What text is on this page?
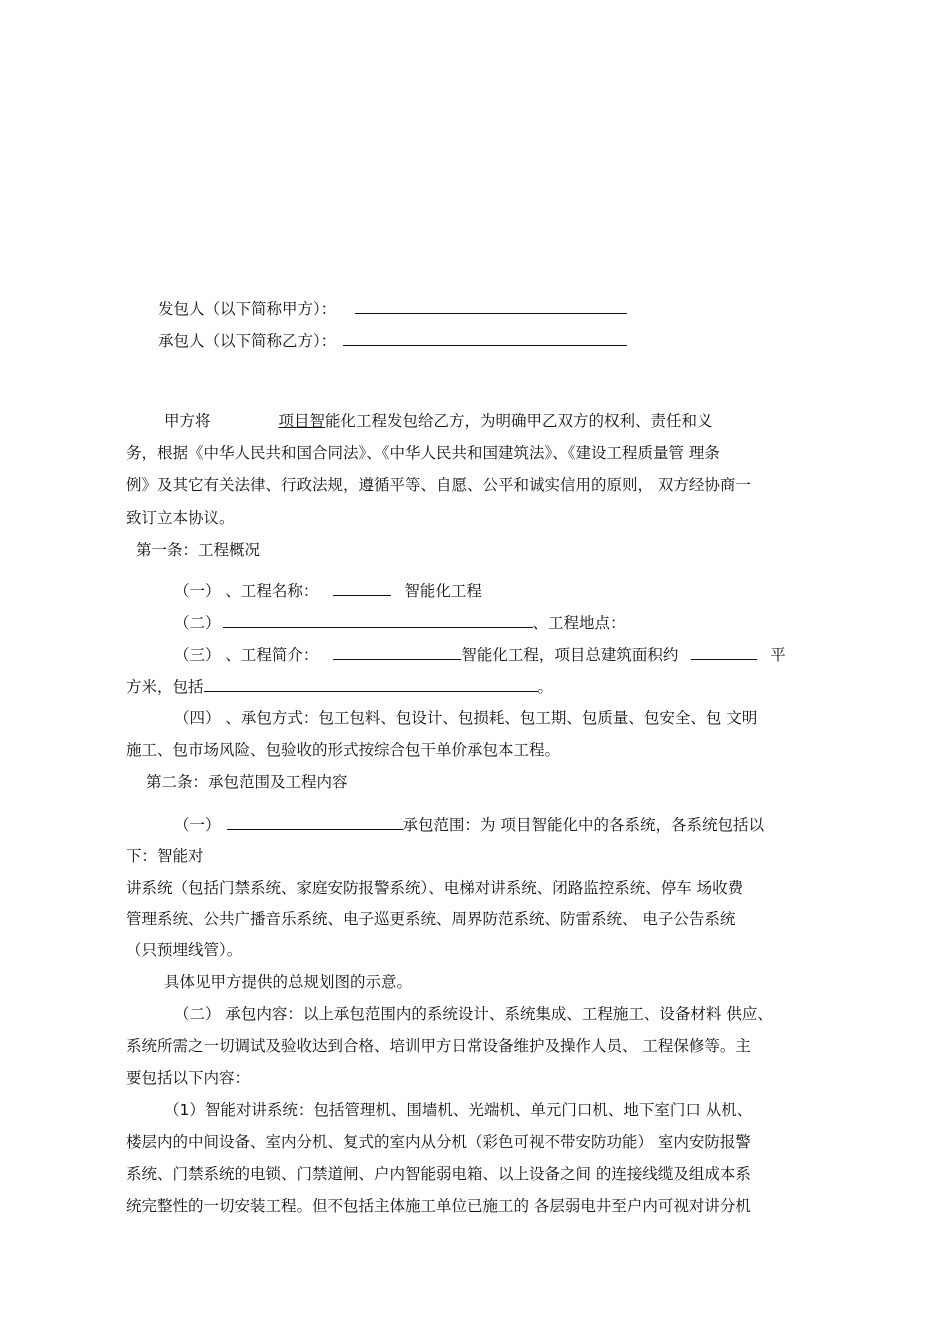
发包人（以下简称甲方）：
承包人（以下简称乙方）：
甲方将	项目智能化工程发包给乙方，为明确甲乙双方的权利、责任和义
务，根据《中华人民共和国合同法》、《中华人民共和国建筑法》、《建设工程质量管 理条
例》及其它有关法律、行政法规，遵循平等、自愿、公平和诚实信用的原则， 双方经协商一
致订立本协议。
第一条：工程概况
（一） 、工程名称：	智能化工程
（二）	、工程地点：
（三） 、工程简介：	智能化工程，项目总建筑面积约	平
方米，包括	。
（四） 、承包方式：包工包料、包设计、包损耗、包工期、包质量、包安全、包 文明
施工、包市场风险、包验收的形式按综合包干单价承包本工程。
第二条：承包范围及工程内容
（一）	承包范围：为 项目智能化中的各系统，各系统包括以
下：智能对
讲系统（包括门禁系统、家庭安防报警系统）、电梯对讲系统、闭路监控系统、停车 场收费
管理系统、公共广播音乐系统、电子巡更系统、周界防范系统、防雷系统、 电子公告系统
（只预埋线管）。
具体见甲方提供的总规划图的示意。
（二） 承包内容：以上承包范围内的系统设计、系统集成、工程施工、设备材料 供应、
系统所需之一切调试及验收达到合格、培训甲方日常设备维护及操作人员、 工程保修等。主
要包括以下内容：
（1）智能对讲系统：包括管理机、围墙机、光端机、单元门口机、地下室门口 从机、
楼层内的中间设备、室内分机、复式的室内从分机（彩色可视不带安防功能） 室内安防报警
系统、门禁系统的电锁、门禁道闸、户内智能弱电箱、以上设备之间 的连接线缆及组成本系
统完整性的一切安装工程。但不包括主体施工单位已施工的 各层弱电井至户内可视对讲分机
